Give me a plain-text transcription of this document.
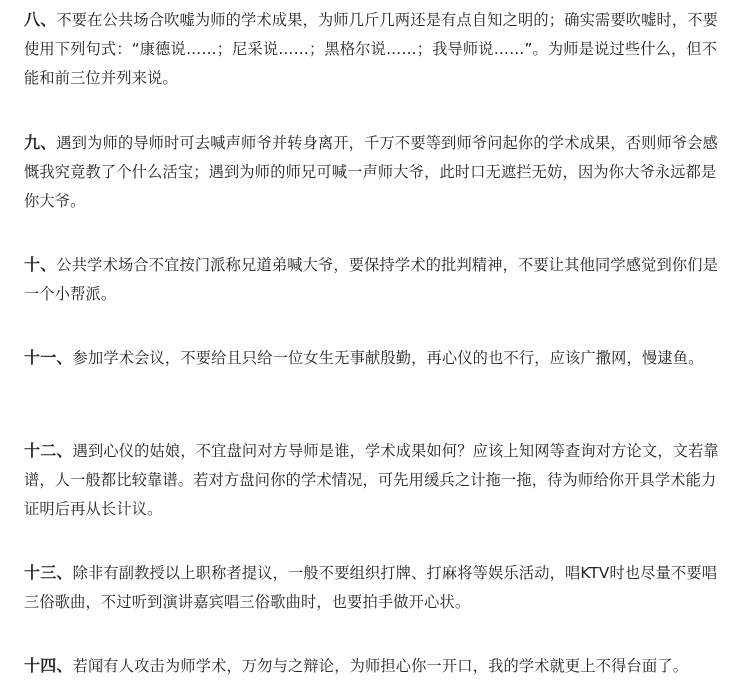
八、不要在公共场合吹嘘为师的学术成果，为师几斤几两还是有点自知之明的；确实需要吹嘘时，不要使用下列句式：“康德说……；尼采说……；黑格尔说……；我导师说……”。为师是说过些什么，但不能和前三位并列来说。

九、遇到为师的导师时可去喊声师爷并转身离开，千万不要等到师爷问起你的学术成果，否则师爷会感慨我究竟教了个什么活宝；遇到为师的师兄可喊一声师大爷，此时口无遮拦无妨，因为你大爷永远都是你大爷。

十、公共学术场合不宜按门派称兄道弟喊大爷，要保持学术的批判精神，不要让其他同学感觉到你们是一个小帮派。

十一、参加学术会议，不要给且只给一位女生无事献殷勤，再心仪的也不行，应该广撒网，慢逮鱼。

十二、遇到心仪的姑娘，不宜盘问对方导师是谁，学术成果如何？应该上知网等查询对方论文，文若靠谱，人一般都比较靠谱。若对方盘问你的学术情况，可先用缓兵之计拖一拖，待为师给你开具学术能力证明后再从长计议。

十三、除非有副教授以上职称者提议，一般不要组织打牌、打麻将等娱乐活动，唱KTV时也尽量不要唱三俗歌曲，不过听到演讲嘉宾唱三俗歌曲时，也要拍手做开心状。

十四、若闻有人攻击为师学术，万勿与之辩论，为师担心你一开口，我的学术就更上不得台面了。
